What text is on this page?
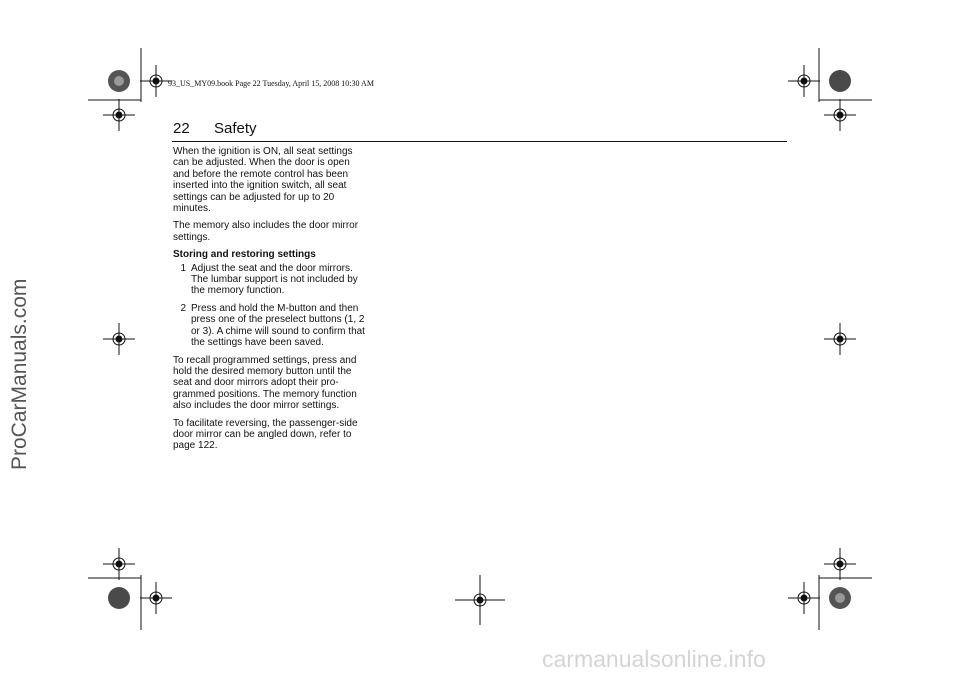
93_US_MY09.book Page 22 Tuesday, April 15, 2008 10:30 AM
22 Safety

When the ignition is ON, all seat settings can be adjusted. When the door is open and before the remote control has been inserted into the ignition switch, all seat settings can be adjusted for up to 20 minutes.

The memory also includes the door mirror settings.

Storing and restoring settings

1 Adjust the seat and the door mirrors. The lumbar support is not included by the memory function.
2 Press and hold the M-button and then press one of the preselect buttons (1, 2 or 3). A chime will sound to confirm that the settings have been saved.

To recall programmed settings, press and hold the desired memory button until the seat and door mirrors adopt their pro-grammed positions. The memory function also includes the door mirror settings.

To facilitate reversing, the passenger-side door mirror can be angled down, refer to page 122.

ProCarManuals.com
carmanualsonline.info
